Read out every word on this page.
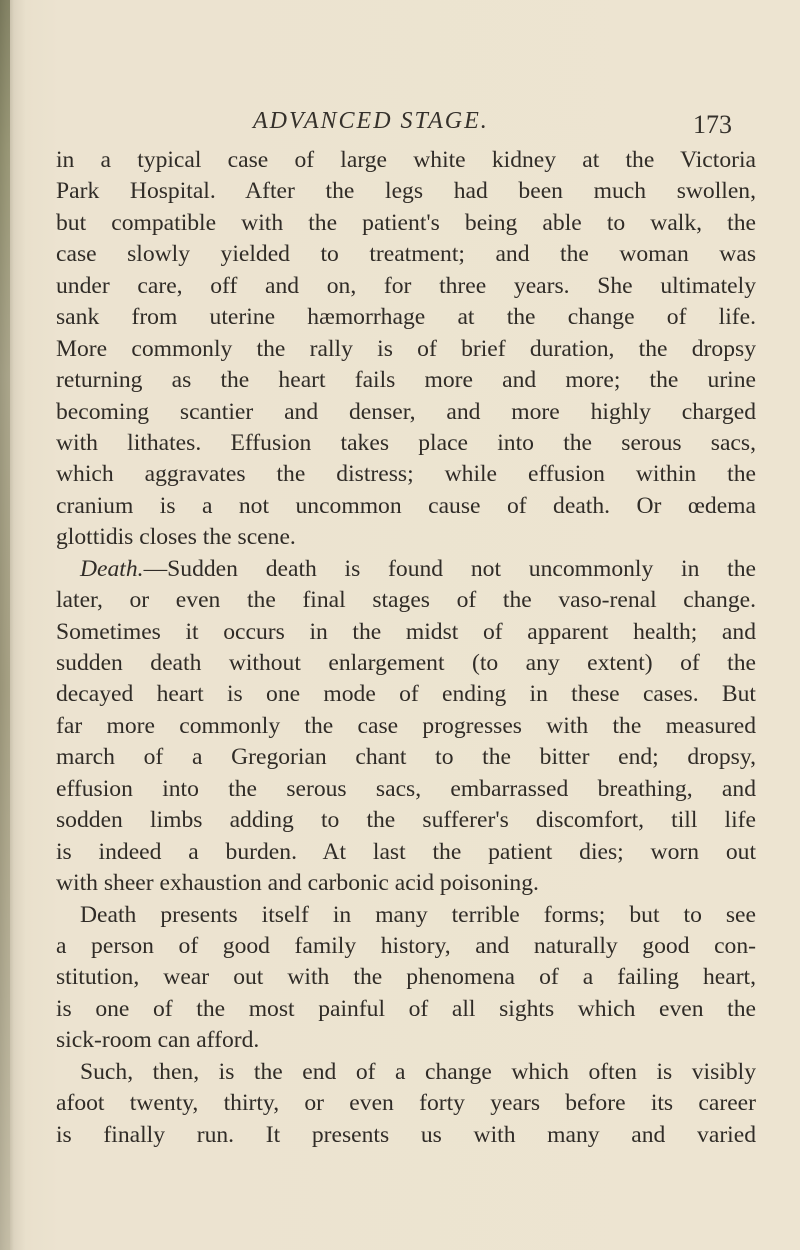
ADVANCED STAGE.	173
in a typical case of large white kidney at the Victoria
Park Hospital. After the legs had been much swollen,
but compatible with the patient's being able to walk, the
case slowly yielded to treatment; and the woman was
under care, off and on, for three years. She ultimately
sank from uterine hæmorrhage at the change of life.
More commonly the rally is of brief duration, the dropsy
returning as the heart fails more and more; the urine
becoming scantier and denser, and more highly charged
with lithates. Effusion takes place into the serous sacs,
which aggravates the distress; while effusion within the
cranium is a not uncommon cause of death. Or œdema
glottidis closes the scene.
Death.—Sudden death is found not uncommonly in the
later, or even the final stages of the vaso-renal change.
Sometimes it occurs in the midst of apparent health; and
sudden death without enlargement (to any extent) of the
decayed heart is one mode of ending in these cases. But
far more commonly the case progresses with the measured
march of a Gregorian chant to the bitter end; dropsy,
effusion into the serous sacs, embarrassed breathing, and
sodden limbs adding to the sufferer's discomfort, till life
is indeed a burden. At last the patient dies; worn out
with sheer exhaustion and carbonic acid poisoning.
Death presents itself in many terrible forms; but to see
a person of good family history, and naturally good con-
stitution, wear out with the phenomena of a failing heart,
is one of the most painful of all sights which even the
sick-room can afford.
Such, then, is the end of a change which often is visibly
afoot twenty, thirty, or even forty years before its career
is finally run. It presents us with many and varied
